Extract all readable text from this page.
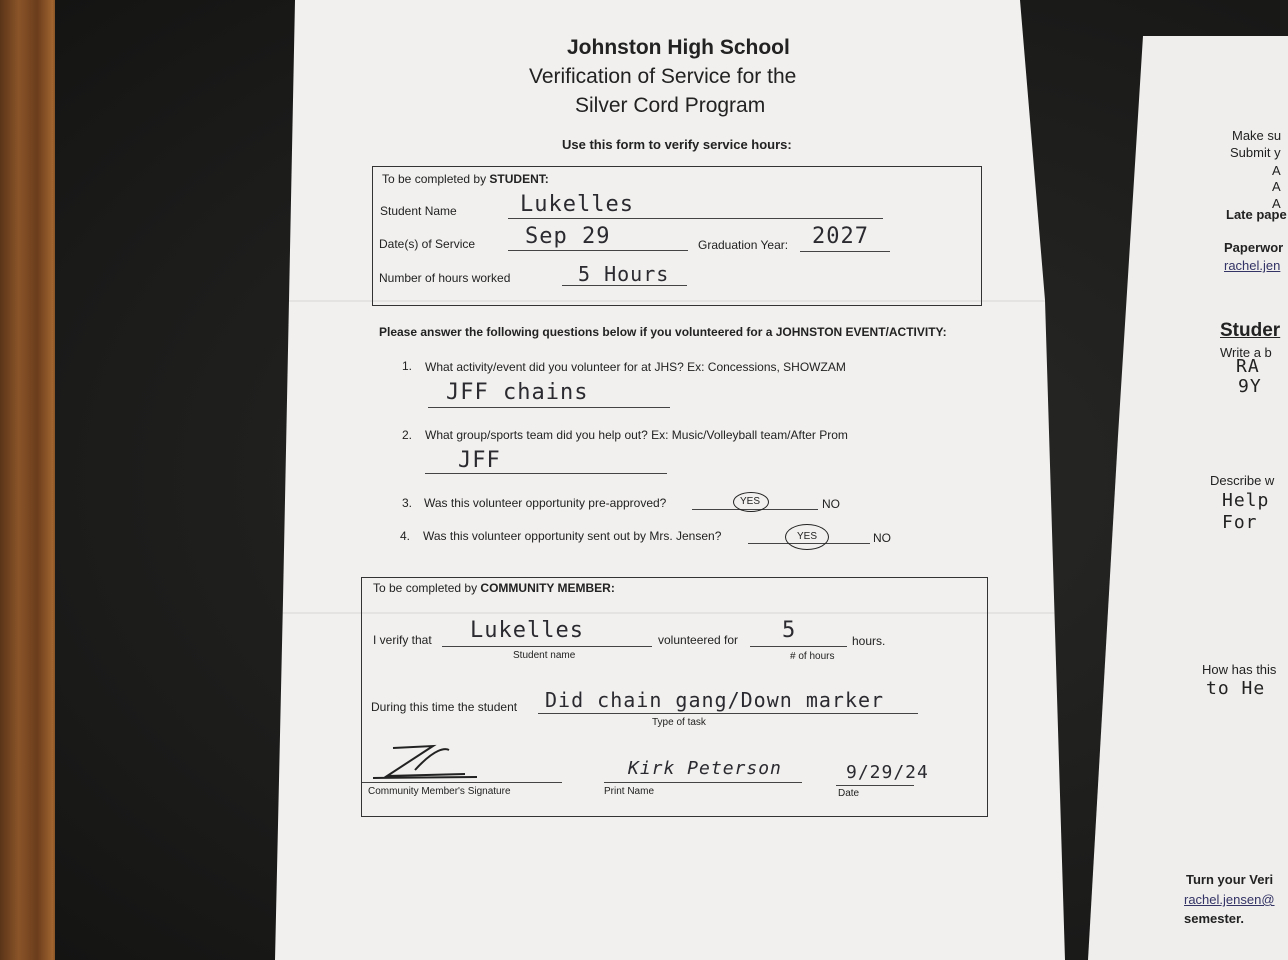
Make su
Submit y
A
A
A
Late pape
Paperwor
rachel.jen
Studer
Write a b
RA
9Y
Describe w
Help
For
How has this
to He
Turn your Veri
rachel.jensen@
semester.
Johnston High School
Verification of Service for the
Silver Cord Program
Use this form to verify service hours:
To be completed by STUDENT:
Student Name	Lukelles
Date(s) of Service Sep 29	Graduation Year: 2027
Number of hours worked	5 Hours
Please answer the following questions below if you volunteered for a JOHNSTON EVENT/ACTIVITY:
1. What activity/event did you volunteer for at JHS? Ex: Concessions, SHOWZAM
JFF chains
2. What group/sports team did you help out? Ex: Music/Volleyball team/After Prom
JFF
3. Was this volunteer opportunity pre-approved?	YES	NO
4. Was this volunteer opportunity sent out by Mrs. Jensen?	YES	NO
To be completed by COMMUNITY MEMBER:
I verify that Lukelles
Student name
volunteered for 5
# of hours
hours.
During this time the student Did chain gang/Down marker
Type of task
Community Member's Signature
Kirk Peterson
Print Name
9/29/24
Date
